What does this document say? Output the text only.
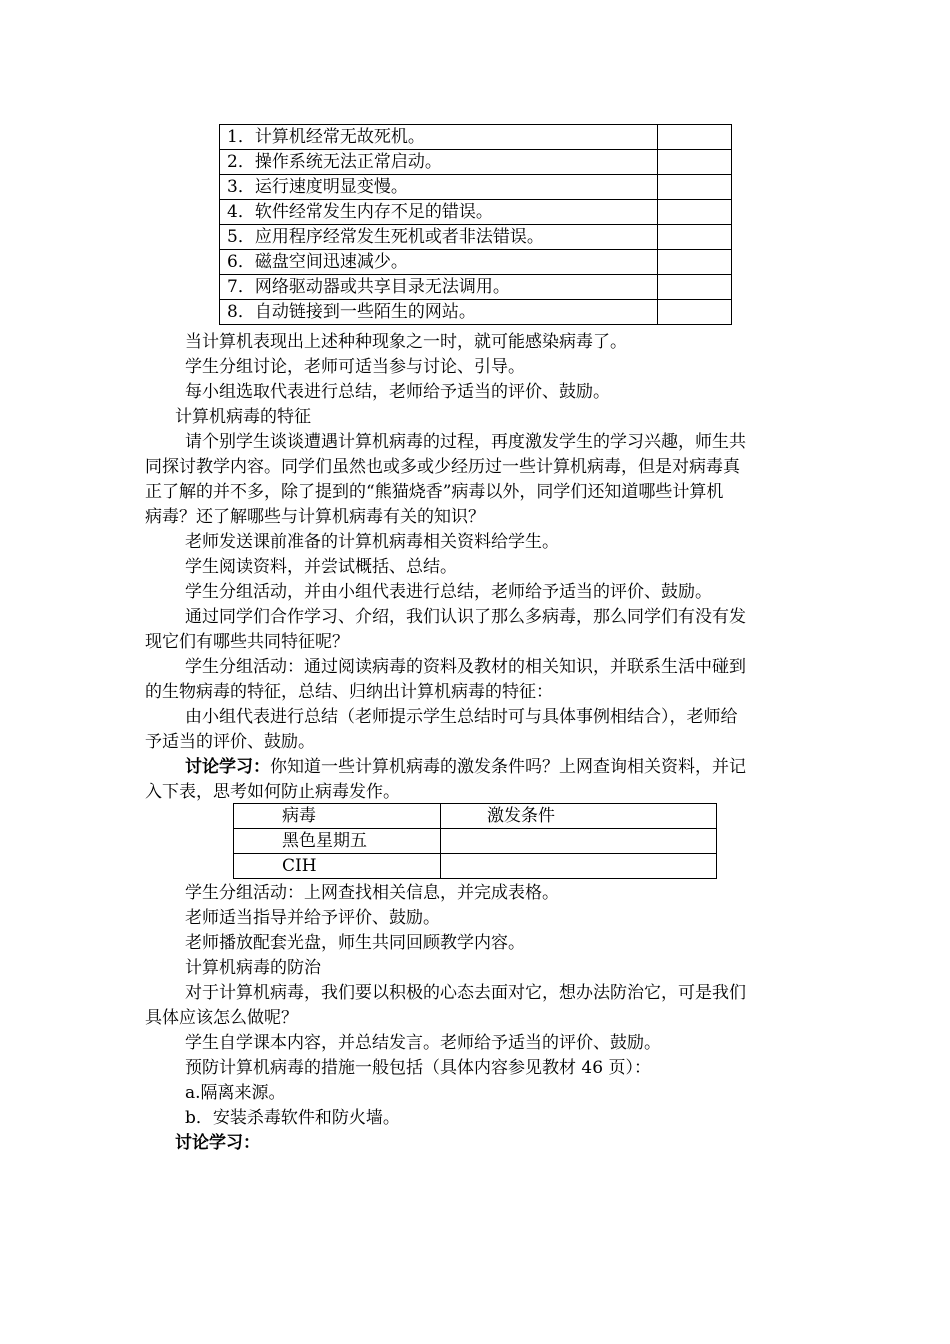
1．计算机经常无故死机。	
2．操作系统无法正常启动。	
3．运行速度明显变慢。	
4．软件经常发生内存不足的错误。	
5．应用程序经常发生死机或者非法错误。	
6．磁盘空间迅速减少。	
7．网络驱动器或共享目录无法调用。	
8．自动链接到一些陌生的网站。	
当计算机表现出上述种种现象之一时，就可能感染病毒了。
学生分组讨论，老师可适当参与讨论、引导。
每小组选取代表进行总结，老师给予适当的评价、鼓励。
计算机病毒的特征
请个别学生谈谈遭遇计算机病毒的过程，再度激发学生的学习兴趣，师生共
同探讨教学内容。同学们虽然也或多或少经历过一些计算机病毒，但是对病毒真
正了解的并不多，除了提到的“熊猫烧香”病毒以外，同学们还知道哪些计算机
病毒？还了解哪些与计算机病毒有关的知识？
老师发送课前准备的计算机病毒相关资料给学生。
学生阅读资料，并尝试概括、总结。
学生分组活动，并由小组代表进行总结，老师给予适当的评价、鼓励。
通过同学们合作学习、介绍，我们认识了那么多病毒，那么同学们有没有发
现它们有哪些共同特征呢？
学生分组活动：通过阅读病毒的资料及教材的相关知识，并联系生活中碰到
的生物病毒的特征，总结、归纳出计算机病毒的特征：
由小组代表进行总结（老师提示学生总结时可与具体事例相结合），老师给
予适当的评价、鼓励。
讨论学习：你知道一些计算机病毒的激发条件吗？上网查询相关资料，并记
入下表，思考如何防止病毒发作。
病毒	激发条件
黑色星期五	
CIH	
学生分组活动：上网查找相关信息，并完成表格。
老师适当指导并给予评价、鼓励。
老师播放配套光盘，师生共同回顾教学内容。
计算机病毒的防治
对于计算机病毒，我们要以积极的心态去面对它，想办法防治它，可是我们
具体应该怎么做呢？
学生自学课本内容，并总结发言。老师给予适当的评价、鼓励。
预防计算机病毒的措施一般包括（具体内容参见教材 46 页）：
a.隔离来源。
b．安装杀毒软件和防火墙。
讨论学习：
